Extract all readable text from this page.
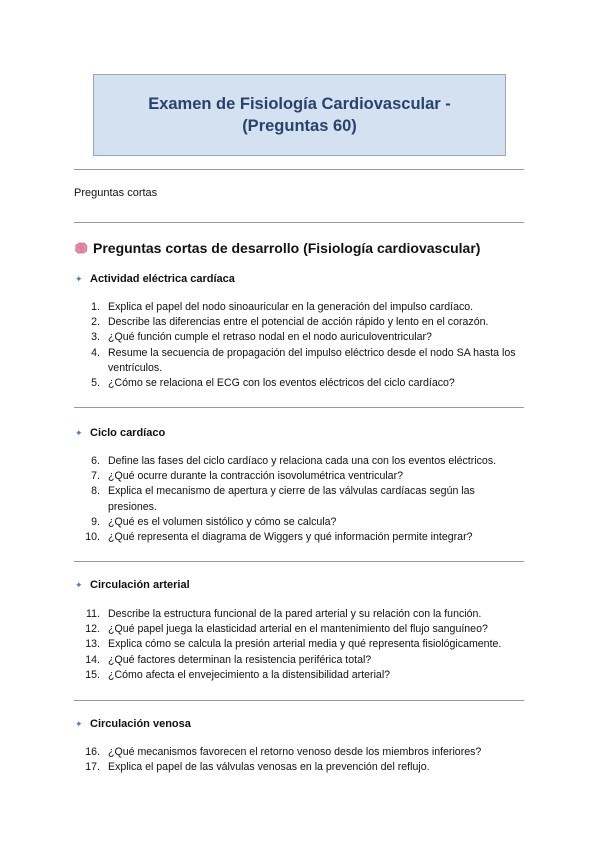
Examen de Fisiología Cardiovascular -
(Preguntas 60)
Preguntas cortas
Preguntas cortas de desarrollo (Fisiología cardiovascular)
✦ Actividad eléctrica cardíaca
1. Explica el papel del nodo sinoauricular en la generación del impulso cardíaco.
2. Describe las diferencias entre el potencial de acción rápido y lento en el corazón.
3. ¿Qué función cumple el retraso nodal en el nodo auriculoventricular?
4. Resume la secuencia de propagación del impulso eléctrico desde el nodo SA hasta los ventrículos.
5. ¿Cómo se relaciona el ECG con los eventos eléctricos del ciclo cardíaco?
✦ Ciclo cardíaco
6. Define las fases del ciclo cardíaco y relaciona cada una con los eventos eléctricos.
7. ¿Qué ocurre durante la contracción isovolumétrica ventricular?
8. Explica el mecanismo de apertura y cierre de las válvulas cardíacas según las presiones.
9. ¿Qué es el volumen sistólico y cómo se calcula?
10. ¿Qué representa el diagrama de Wiggers y qué información permite integrar?
✦ Circulación arterial
11. Describe la estructura funcional de la pared arterial y su relación con la función.
12. ¿Qué papel juega la elasticidad arterial en el mantenimiento del flujo sanguíneo?
13. Explica cómo se calcula la presión arterial media y qué representa fisiológicamente.
14. ¿Qué factores determinan la resistencia periférica total?
15. ¿Cómo afecta el envejecimiento a la distensibilidad arterial?
✦ Circulación venosa
16. ¿Qué mecanismos favorecen el retorno venoso desde los miembros inferiores?
17. Explica el papel de las válvulas venosas en la prevención del reflujo.
